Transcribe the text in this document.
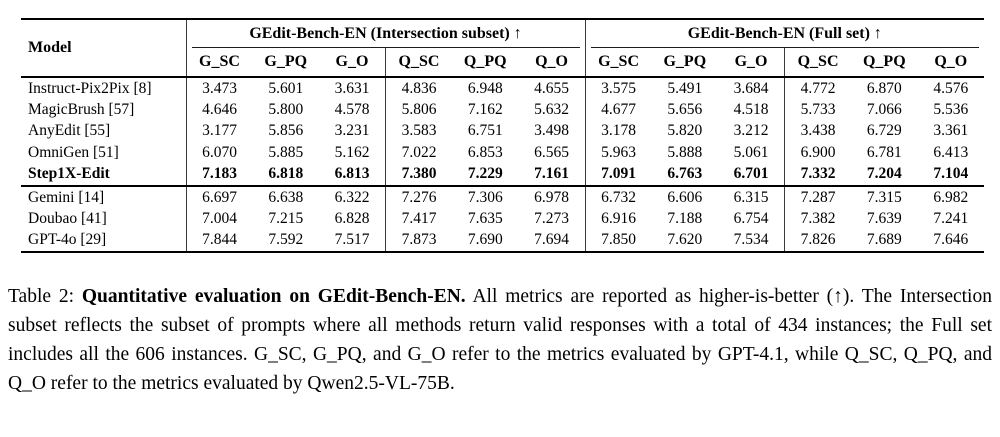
Model	GEdit-Bench-EN (Intersection subset) ↑						GEdit-Bench-EN (Full set) ↑					
	G_SC	G_PQ	G_O	Q_SC	Q_PQ	Q_O	G_SC	G_PQ	G_O	Q_SC	Q_PQ	Q_O
Instruct-Pix2Pix [8]	3.473	5.601	3.631	4.836	6.948	4.655	3.575	5.491	3.684	4.772	6.870	4.576
MagicBrush [57]	4.646	5.800	4.578	5.806	7.162	5.632	4.677	5.656	4.518	5.733	7.066	5.536
AnyEdit [55]	3.177	5.856	3.231	3.583	6.751	3.498	3.178	5.820	3.212	3.438	6.729	3.361
OmniGen [51]	6.070	5.885	5.162	7.022	6.853	6.565	5.963	5.888	5.061	6.900	6.781	6.413
Step1X-Edit	7.183	6.818	6.813	7.380	7.229	7.161	7.091	6.763	6.701	7.332	7.204	7.104
Gemini [14]	6.697	6.638	6.322	7.276	7.306	6.978	6.732	6.606	6.315	7.287	7.315	6.982
Doubao [41]	7.004	7.215	6.828	7.417	7.635	7.273	6.916	7.188	6.754	7.382	7.639	7.241
GPT-4o [29]	7.844	7.592	7.517	7.873	7.690	7.694	7.850	7.620	7.534	7.826	7.689	7.646

Table 2: Quantitative evaluation on GEdit-Bench-EN. All metrics are reported as higher-is-better (↑). The Intersection subset reflects the subset of prompts where all methods return valid responses with a total of 434 instances; the Full set includes all the 606 instances. G_SC, G_PQ, and G_O refer to the metrics evaluated by GPT-4.1, while Q_SC, Q_PQ, and Q_O refer to the metrics evaluated by Qwen2.5-VL-75B.
